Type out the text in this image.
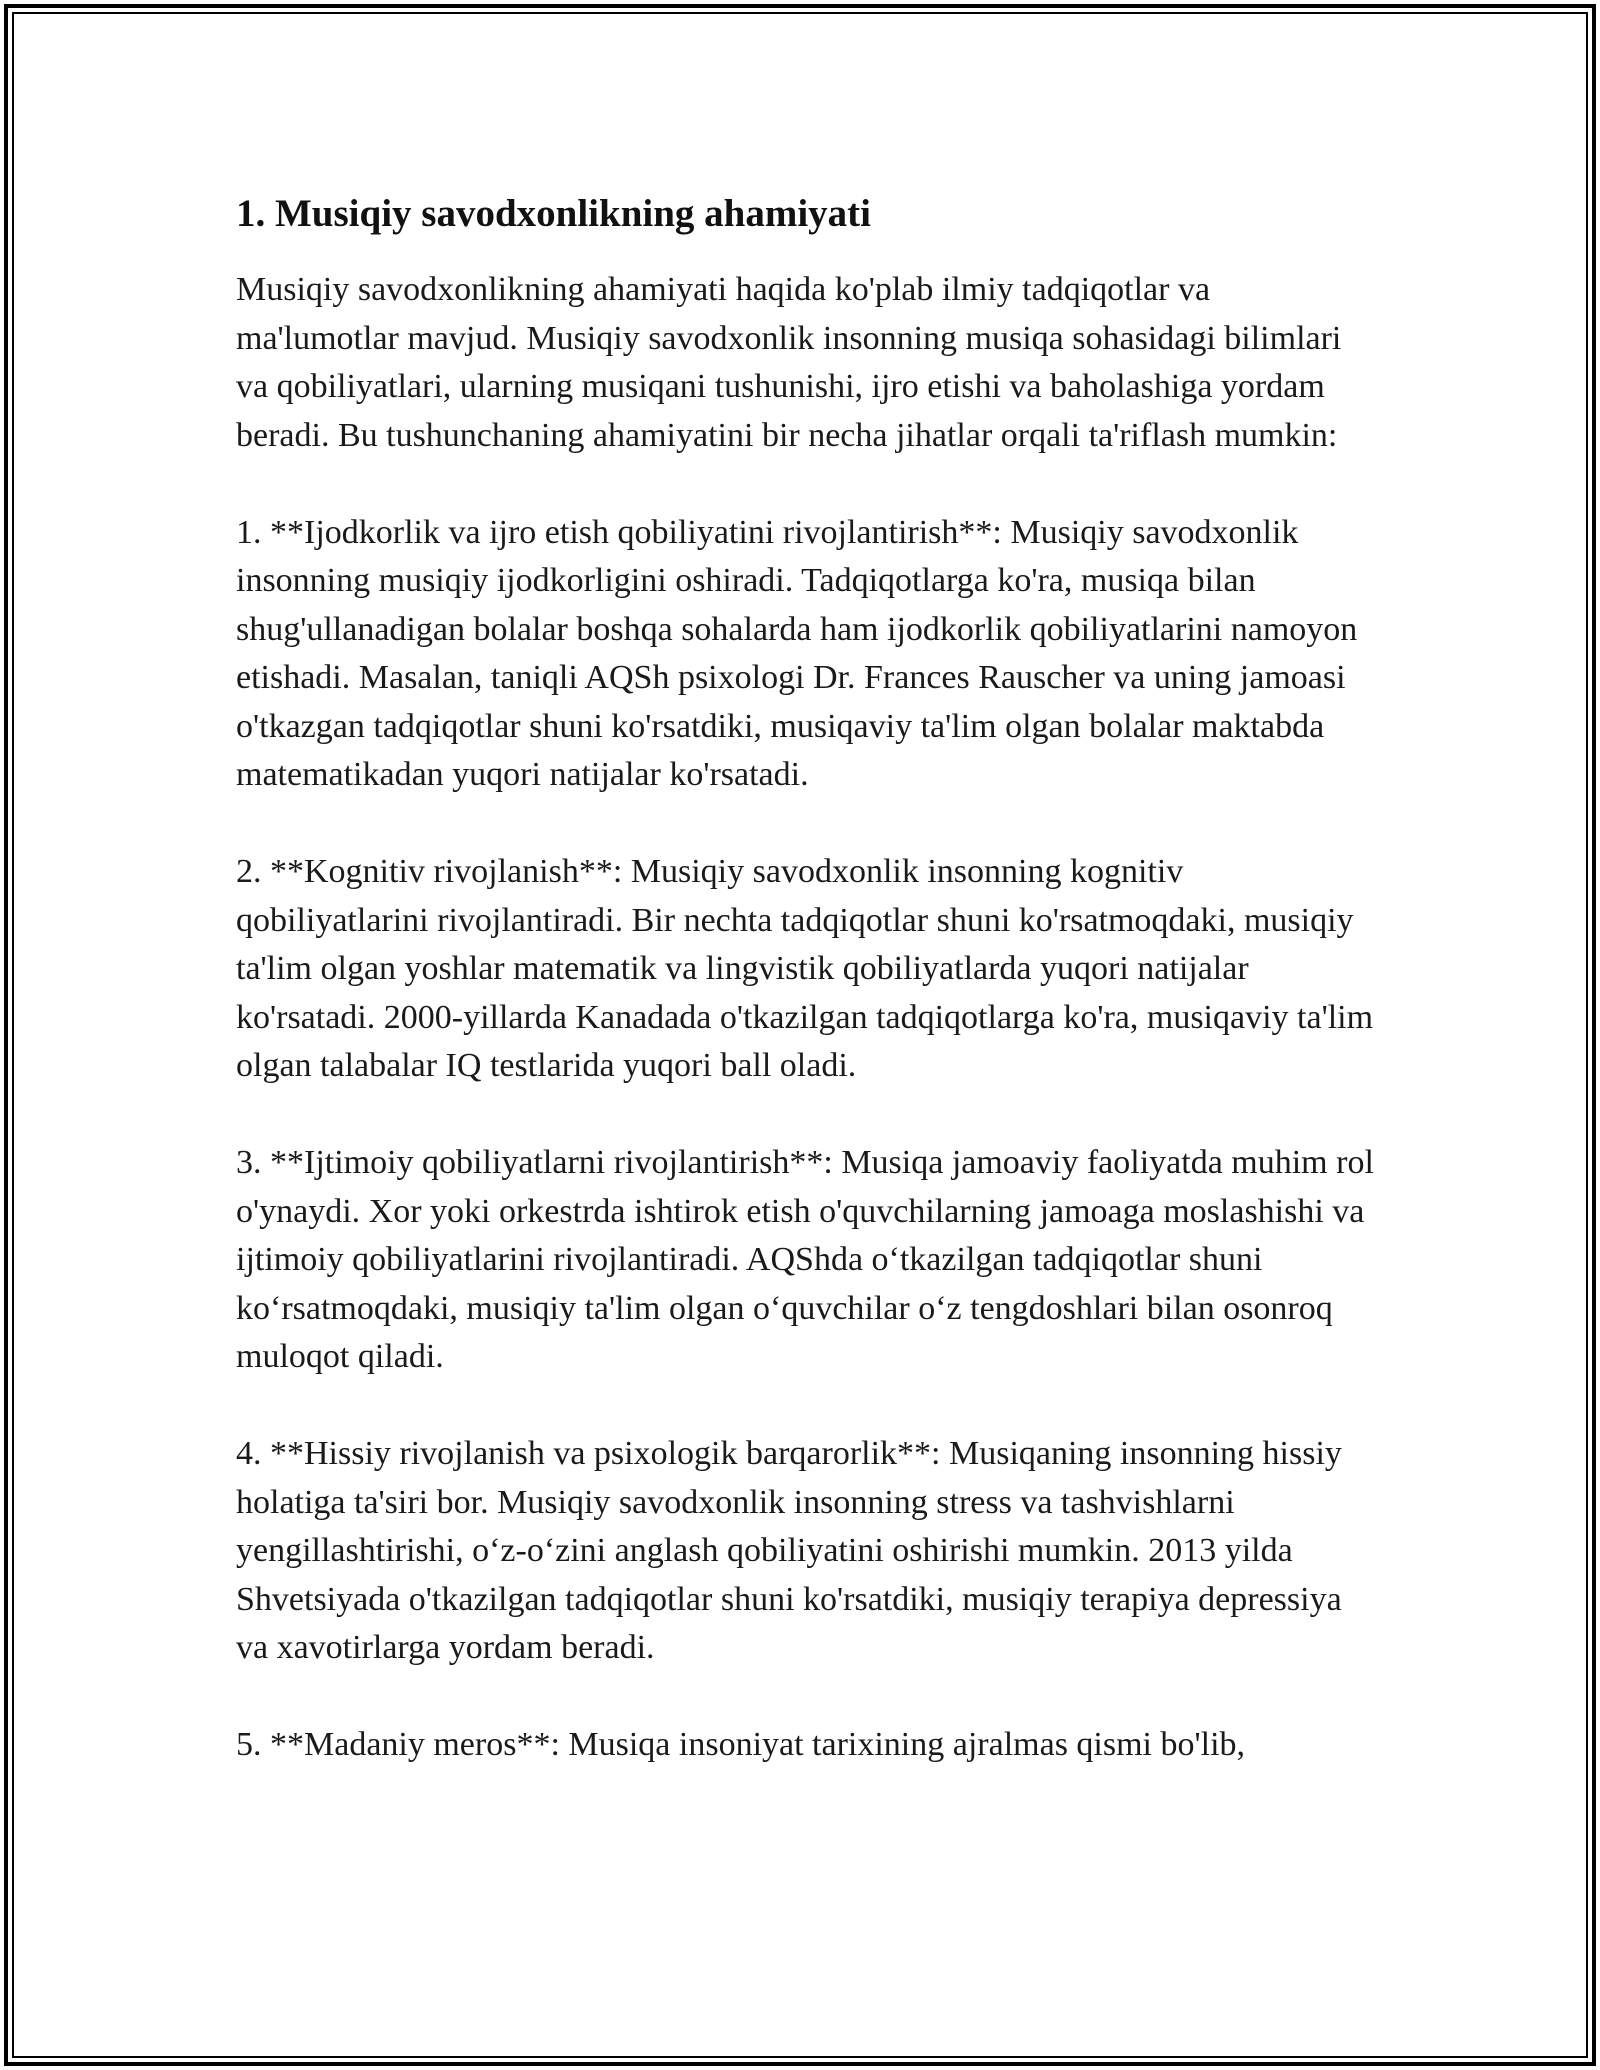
1. Musiqiy savodxonlikning ahamiyati

Musiqiy savodxonlikning ahamiyati haqida ko'plab ilmiy tadqiqotlar va ma'lumotlar mavjud. Musiqiy savodxonlik insonning musiqa sohasidagi bilimlari va qobiliyatlari, ularning musiqani tushunishi, ijro etishi va baholashiga yordam beradi. Bu tushunchaning ahamiyatini bir necha jihatlar orqali ta'riflash mumkin:

1. **Ijodkorlik va ijro etish qobiliyatini rivojlantirish**: Musiqiy savodxonlik insonning musiqiy ijodkorligini oshiradi. Tadqiqotlarga ko'ra, musiqa bilan shug'ullanadigan bolalar boshqa sohalarda ham ijodkorlik qobiliyatlarini namoyon etishadi. Masalan, taniqli AQSh psixologi Dr. Frances Rauscher va uning jamoasi o'tkazgan tadqiqotlar shuni ko'rsatdiki, musiqaviy ta'lim olgan bolalar maktabda matematikadan yuqori natijalar ko'rsatadi.

2. **Kognitiv rivojlanish**: Musiqiy savodxonlik insonning kognitiv qobiliyatlarini rivojlantiradi. Bir nechta tadqiqotlar shuni ko'rsatmoqdaki, musiqiy ta'lim olgan yoshlar matematik va lingvistik qobiliyatlarda yuqori natijalar ko'rsatadi. 2000-yillarda Kanadada o'tkazilgan tadqiqotlarga ko'ra, musiqaviy ta'lim olgan talabalar IQ testlarida yuqori ball oladi.

3. **Ijtimoiy qobiliyatlarni rivojlantirish**: Musiqa jamoaviy faoliyatda muhim rol o'ynaydi. Xor yoki orkestrda ishtirok etish o'quvchilarning jamoaga moslashishi va ijtimoiy qobiliyatlarini rivojlantiradi. AQShda o‘tkazilgan tadqiqotlar shuni ko‘rsatmoqdaki, musiqiy ta'lim olgan o‘quvchilar o‘z tengdoshlari bilan osonroq muloqot qiladi.

4. **Hissiy rivojlanish va psixologik barqarorlik**: Musiqaning insonning hissiy holatiga ta'siri bor. Musiqiy savodxonlik insonning stress va tashvishlarni yengillashtirishi, o‘z-o‘zini anglash qobiliyatini oshirishi mumkin. 2013 yilda Shvetsiyada o'tkazilgan tadqiqotlar shuni ko'rsatdiki, musiqiy terapiya depressiya va xavotirlarga yordam beradi.

5. **Madaniy meros**: Musiqa insoniyat tarixining ajralmas qismi bo'lib,
